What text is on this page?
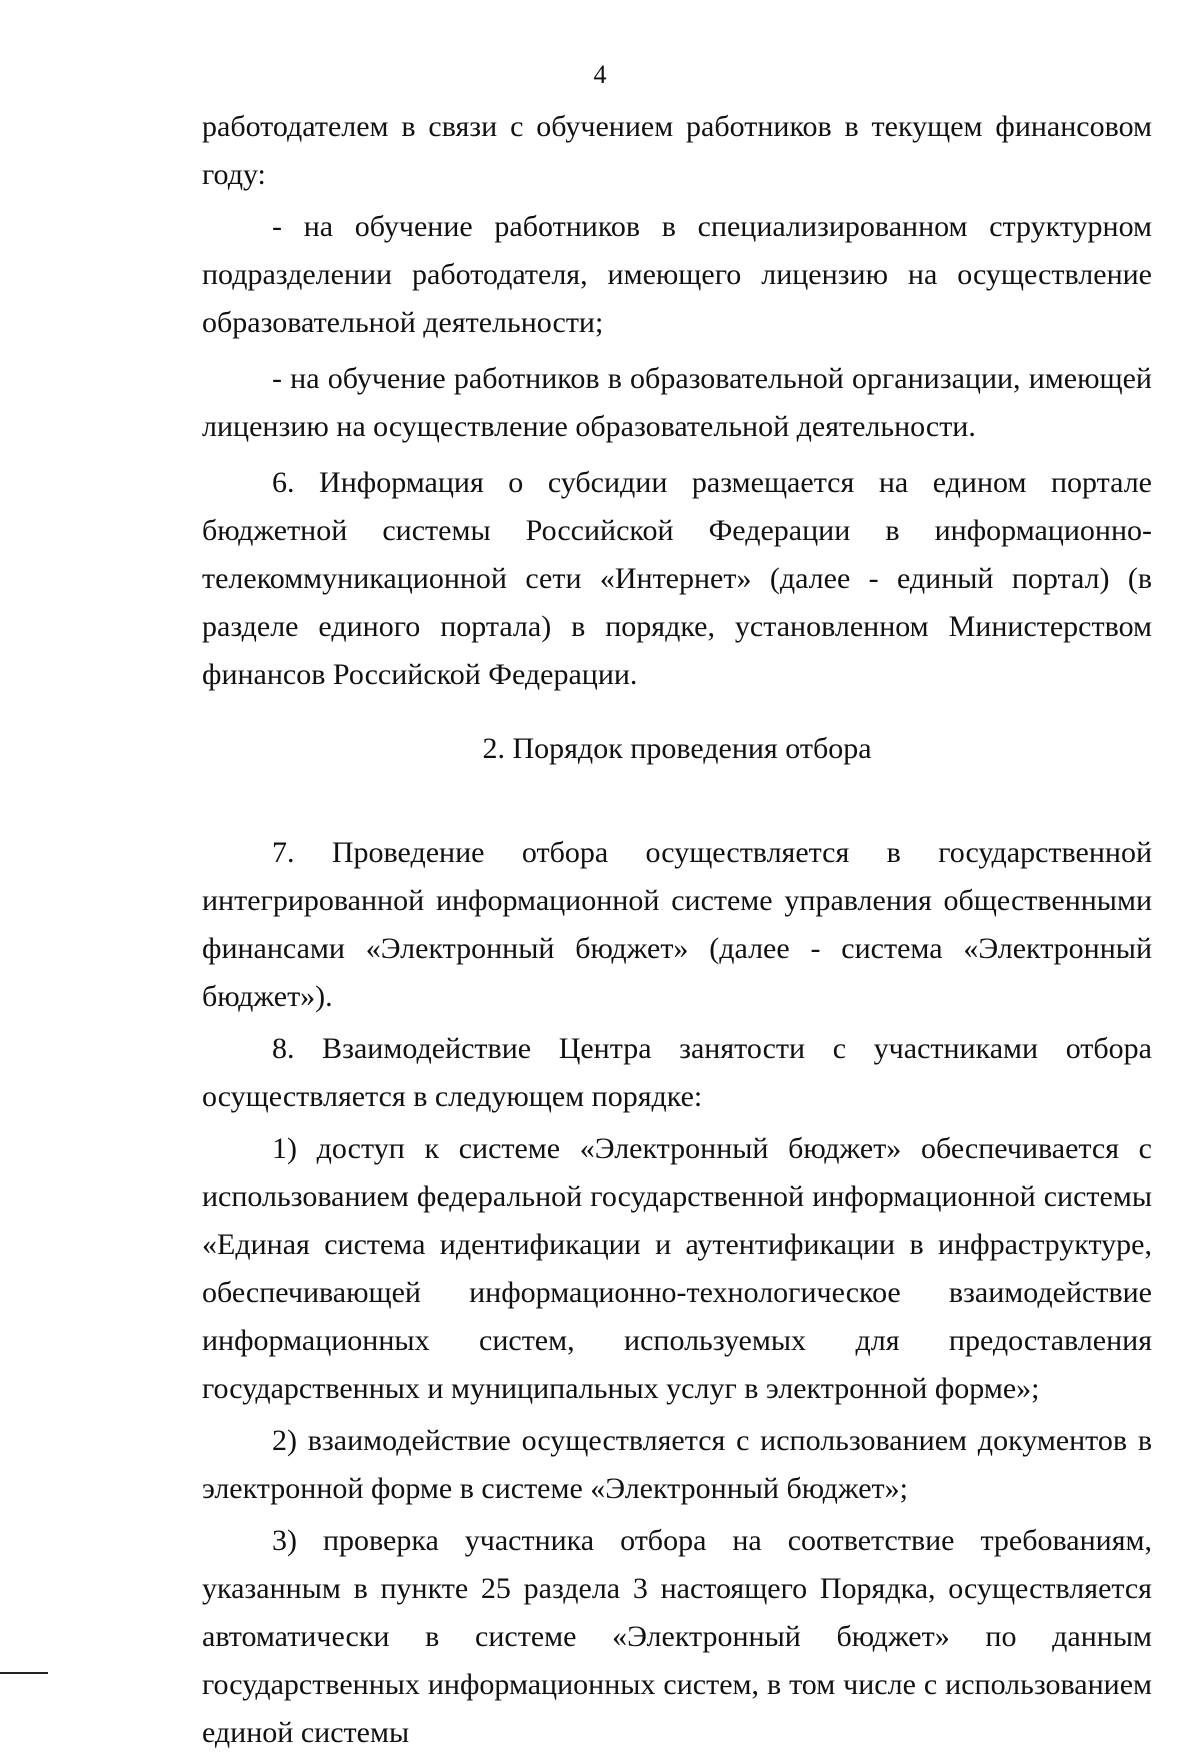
4

работодателем в связи с обучением работников в текущем финансовом году:

- на обучение работников в специализированном структурном подразделении работодателя, имеющего лицензию на осуществление образовательной деятельности;

- на обучение работников в образовательной организации, имеющей лицензию на осуществление образовательной деятельности.

6. Информация о субсидии размещается на едином портале бюджетной системы Российской Федерации в информационно-телекоммуникационной сети «Интернет» (далее - единый портал) (в разделе единого портала) в порядке, установленном Министерством финансов Российской Федерации.

2. Порядок проведения отбора

7. Проведение отбора осуществляется в государственной интегрированной информационной системе управления общественными финансами «Электронный бюджет» (далее - система «Электронный бюджет»).

8. Взаимодействие Центра занятости с участниками отбора осуществляется в следующем порядке:

1) доступ к системе «Электронный бюджет» обеспечивается с использованием федеральной государственной информационной системы «Единая система идентификации и аутентификации в инфраструктуре, обеспечивающей информационно-технологическое взаимодействие информационных систем, используемых для предоставления государственных и муниципальных услуг в электронной форме»;

2) взаимодействие осуществляется с использованием документов в электронной форме в системе «Электронный бюджет»;

3) проверка участника отбора на соответствие требованиям, указанным в пункте 25 раздела 3 настоящего Порядка, осуществляется автоматически в системе «Электронный бюджет» по данным государственных информационных систем, в том числе с использованием единой системы
